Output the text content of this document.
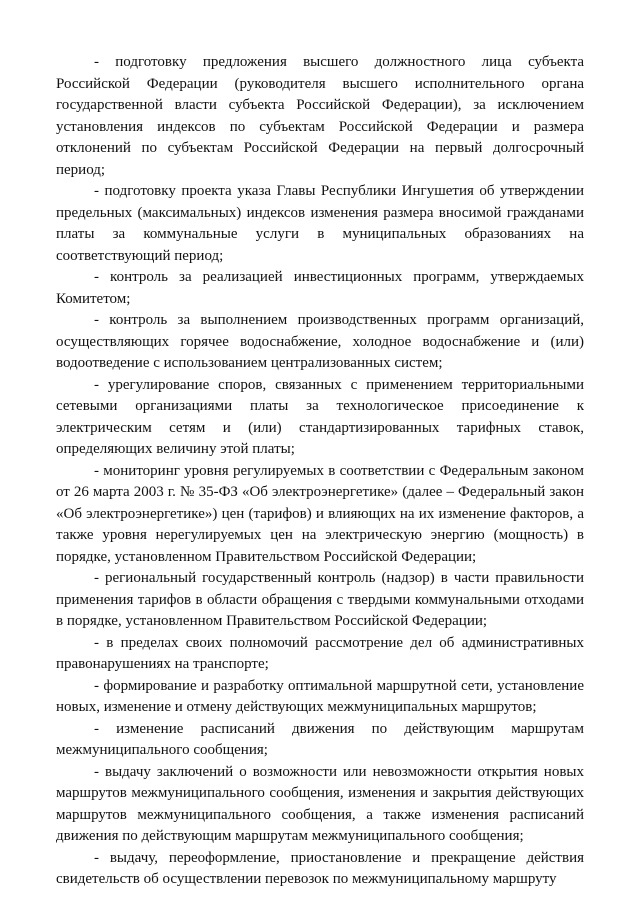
- подготовку предложения высшего должностного лица субъекта Российской Федерации (руководителя высшего исполнительного органа государственной власти субъекта Российской Федерации), за исключением установления индексов по субъектам Российской Федерации и размера отклонений по субъектам Российской Федерации на первый долгосрочный период;

- подготовку проекта указа Главы Республики Ингушетия об утверждении предельных (максимальных) индексов изменения размера вносимой гражданами платы за коммунальные услуги в муниципальных образованиях на соответствующий период;

- контроль за реализацией инвестиционных программ, утверждаемых Комитетом;

- контроль за выполнением производственных программ организаций, осуществляющих горячее водоснабжение, холодное водоснабжение и (или) водоотведение с использованием централизованных систем;

- урегулирование споров, связанных с применением территориальными сетевыми организациями платы за технологическое присоединение к электрическим сетям и (или) стандартизированных тарифных ставок, определяющих величину этой платы;

- мониторинг уровня регулируемых в соответствии с Федеральным законом от 26 марта 2003 г. № 35-ФЗ «Об электроэнергетике» (далее – Федеральный закон «Об электроэнергетике») цен (тарифов) и влияющих на их изменение факторов, а также уровня нерегулируемых цен на электрическую энергию (мощность) в порядке, установленном Правительством Российской Федерации;

- региональный государственный контроль (надзор) в части правильности применения тарифов в области обращения с твердыми коммунальными отходами в порядке, установленном Правительством Российской Федерации;

- в пределах своих полномочий рассмотрение дел об административных правонарушениях на транспорте;

- формирование и разработку оптимальной маршрутной сети, установление новых, изменение и отмену действующих межмуниципальных маршрутов;

- изменение расписаний движения по действующим маршрутам межмуниципального сообщения;

- выдачу заключений о возможности или невозможности открытия новых маршрутов межмуниципального сообщения, изменения и закрытия действующих маршрутов межмуниципального сообщения, а также изменения расписаний движения по действующим маршрутам межмуниципального сообщения;

- выдачу, переоформление, приостановление и прекращение действия свидетельств об осуществлении перевозок по межмуниципальному маршруту
